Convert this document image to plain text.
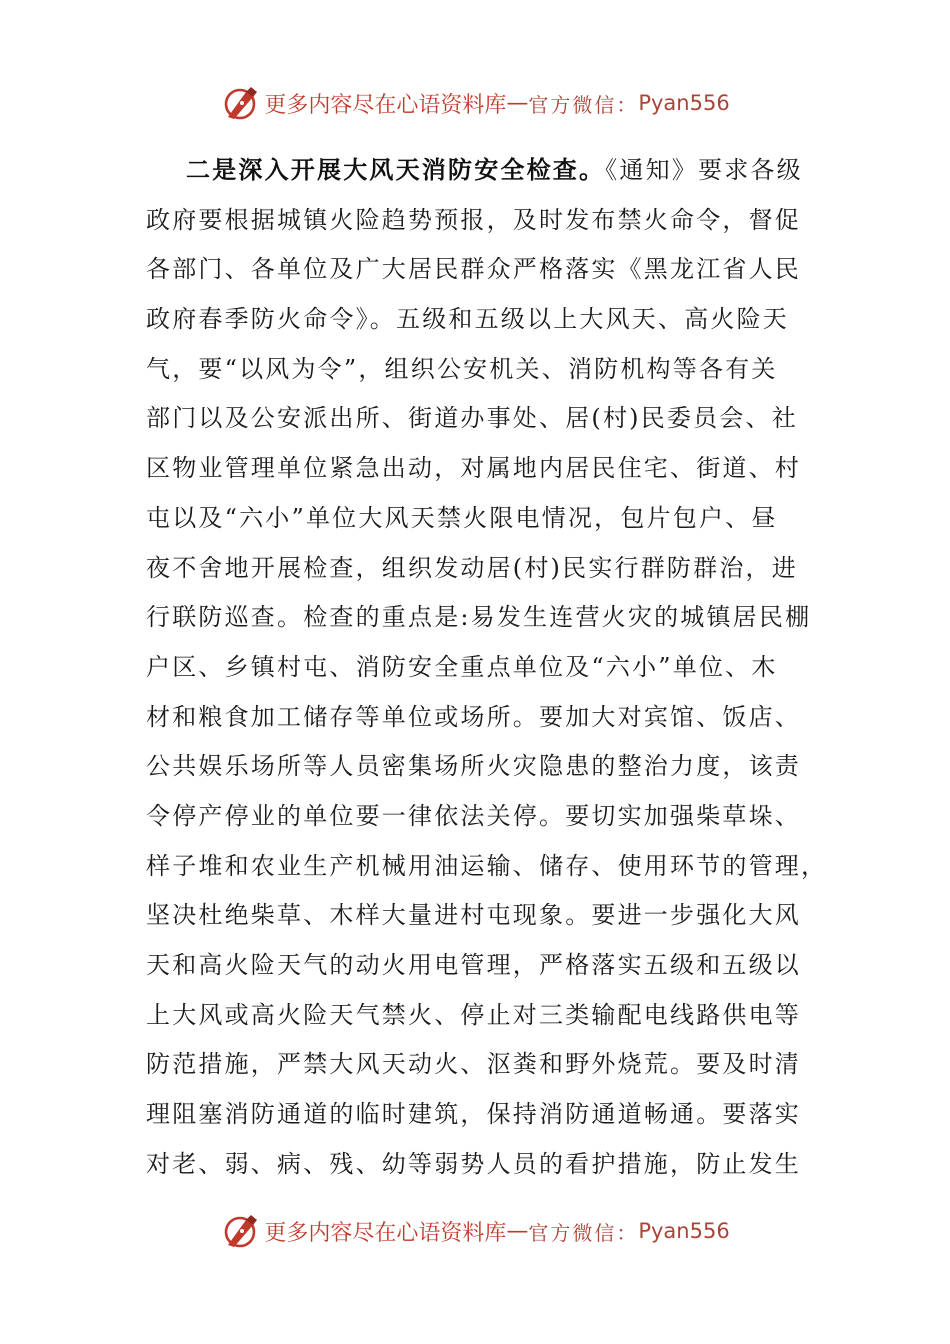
更多内容尽在心语资料库 — 官方微信： Pyan556
二是深入开展大风天消防安全检查。《通知》要求各级
政府要根据城镇火险趋势预报，及时发布禁火命令，督促
各部门、各单位及广大居民群众严格落实《黑龙江省人民
政府春季防火命令》。五级和五级以上大风天、高火险天
气，要“以风为令”，组织公安机关、消防机构等各有关
部门以及公安派出所、街道办事处、居(村)民委员会、社
区物业管理单位紧急出动，对属地内居民住宅、街道、村
屯以及“六小”单位大风天禁火限电情况，包片包户、昼
夜不舍地开展检查，组织发动居(村)民实行群防群治，进
行联防巡查。检查的重点是:易发生连营火灾的城镇居民棚
户区、乡镇村屯、消防安全重点单位及“六小”单位、木
材和粮食加工储存等单位或场所。要加大对宾馆、饭店、
公共娱乐场所等人员密集场所火灾隐患的整治力度，该责
令停产停业的单位要一律依法关停。要切实加强柴草垛、
样子堆和农业生产机械用油运输、储存、使用环节的管理，
坚决杜绝柴草、木样大量进村屯现象。要进一步强化大风
天和高火险天气的动火用电管理，严格落实五级和五级以
上大风或高火险天气禁火、停止对三类输配电线路供电等
防范措施，严禁大风天动火、沤粪和野外烧荒。要及时清
理阻塞消防通道的临时建筑，保持消防通道畅通。要落实
对老、弱、病、残、幼等弱势人员的看护措施，防止发生
更多内容尽在心语资料库 — 官方微信： Pyan556
